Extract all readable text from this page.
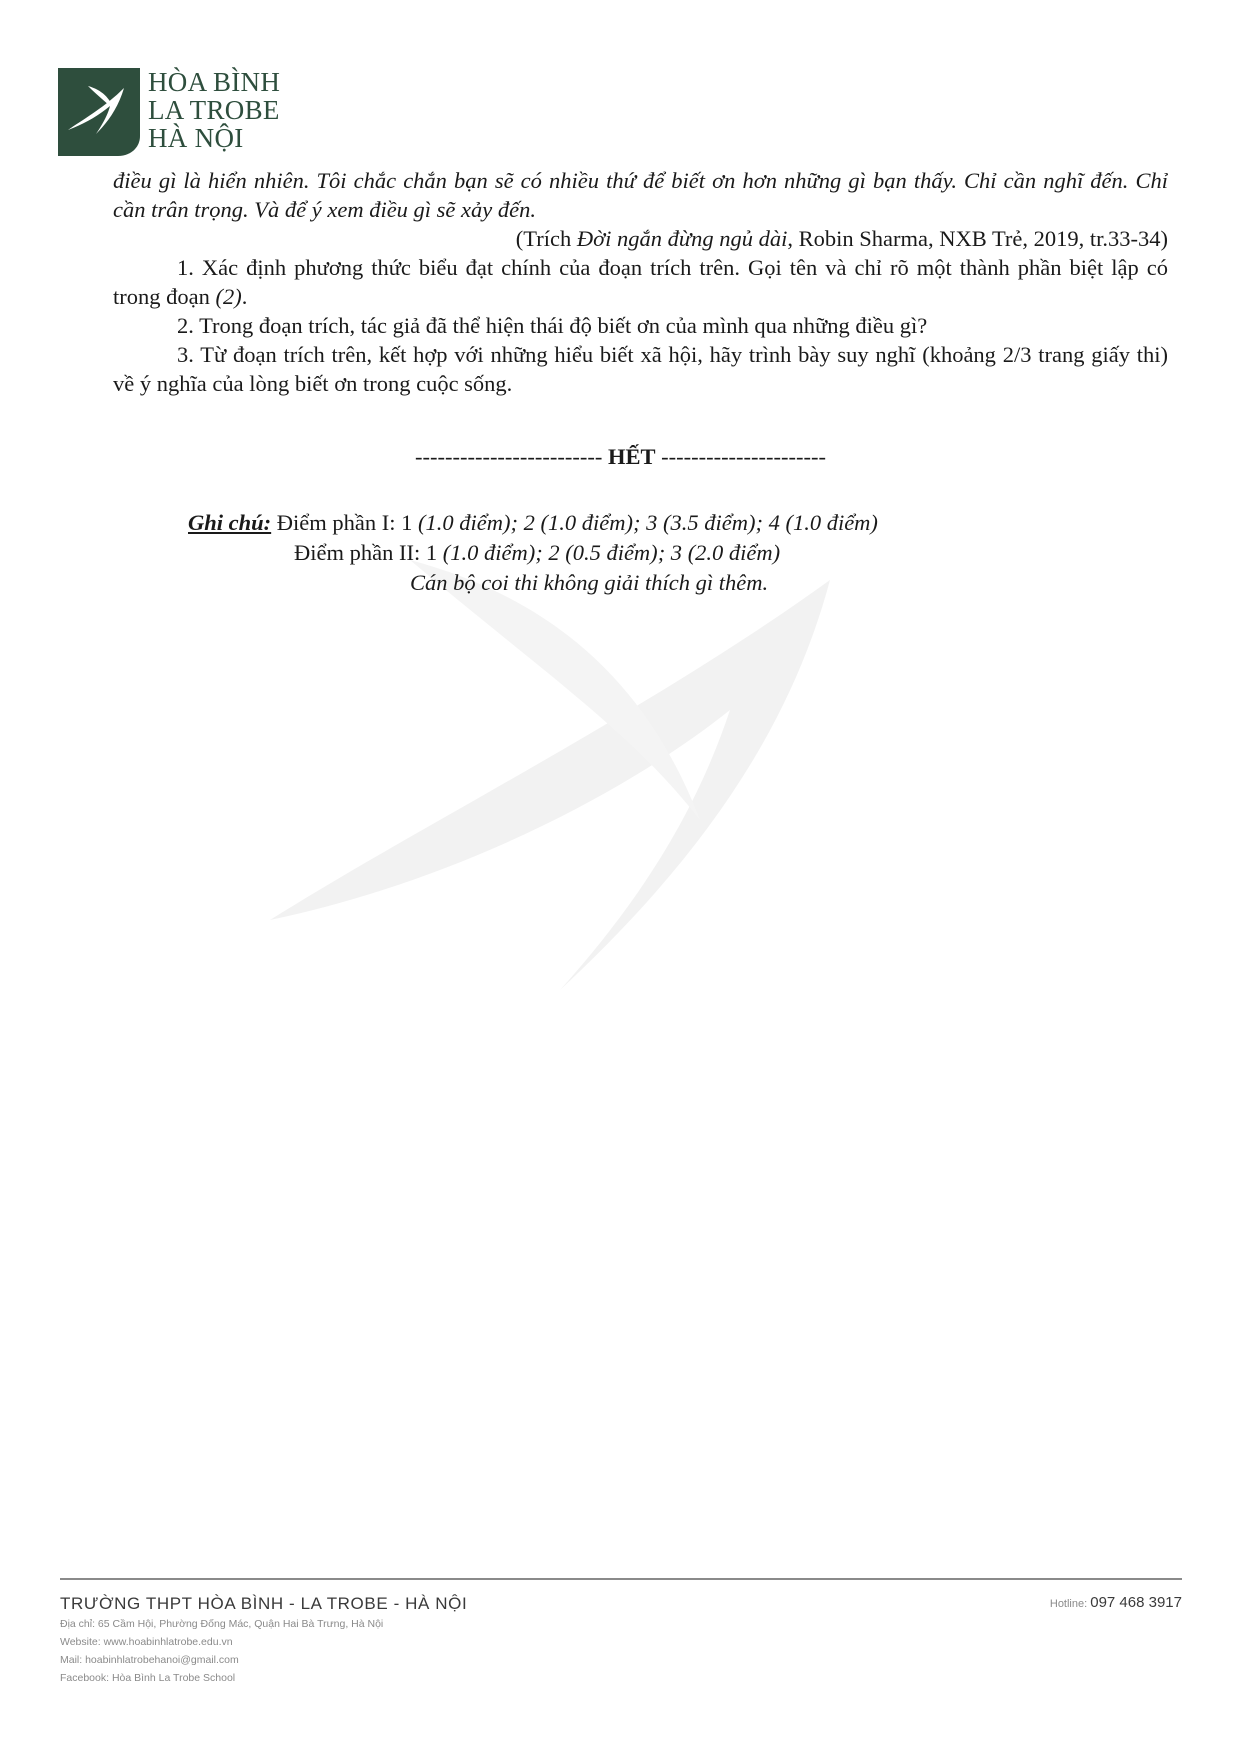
HÒA BÌNH
LA TROBE
HÀ NỘI

điều gì là hiển nhiên. Tôi chắc chắn bạn sẽ có nhiều thứ để biết ơn hơn những gì bạn thấy. Chỉ cần nghĩ đến. Chỉ cần trân trọng. Và để ý xem điều gì sẽ xảy đến.

(Trích Đời ngắn đừng ngủ dài, Robin Sharma, NXB Trẻ, 2019, tr.33-34)

1. Xác định phương thức biểu đạt chính của đoạn trích trên. Gọi tên và chỉ rõ một thành phần biệt lập có trong đoạn (2).

2. Trong đoạn trích, tác giả đã thể hiện thái độ biết ơn của mình qua những điều gì?

3. Từ đoạn trích trên, kết hợp với những hiểu biết xã hội, hãy trình bày suy nghĩ (khoảng 2/3 trang giấy thi) về ý nghĩa của lòng biết ơn trong cuộc sống.

------------------------- HẾT ----------------------

Ghi chú: Điểm phần I: 1 (1.0 điểm); 2 (1.0 điểm); 3 (3.5 điểm); 4 (1.0 điểm)

Điểm phần II: 1 (1.0 điểm); 2 (0.5 điểm); 3 (2.0 điểm)

Cán bộ coi thi không giải thích gì thêm.

TRƯỜNG THPT HÒA BÌNH - LA TROBE - HÀ NỘI

Địa chỉ: 65 Cầm Hội, Phường Đống Mác, Quận Hai Bà Trưng, Hà Nội

Website: www.hoabinhlatrobe.edu.vn

Mail: hoabinhlatrobehanoi@gmail.com

Facebook: Hòa Bình La Trobe School

Hotline: 097 468 3917
